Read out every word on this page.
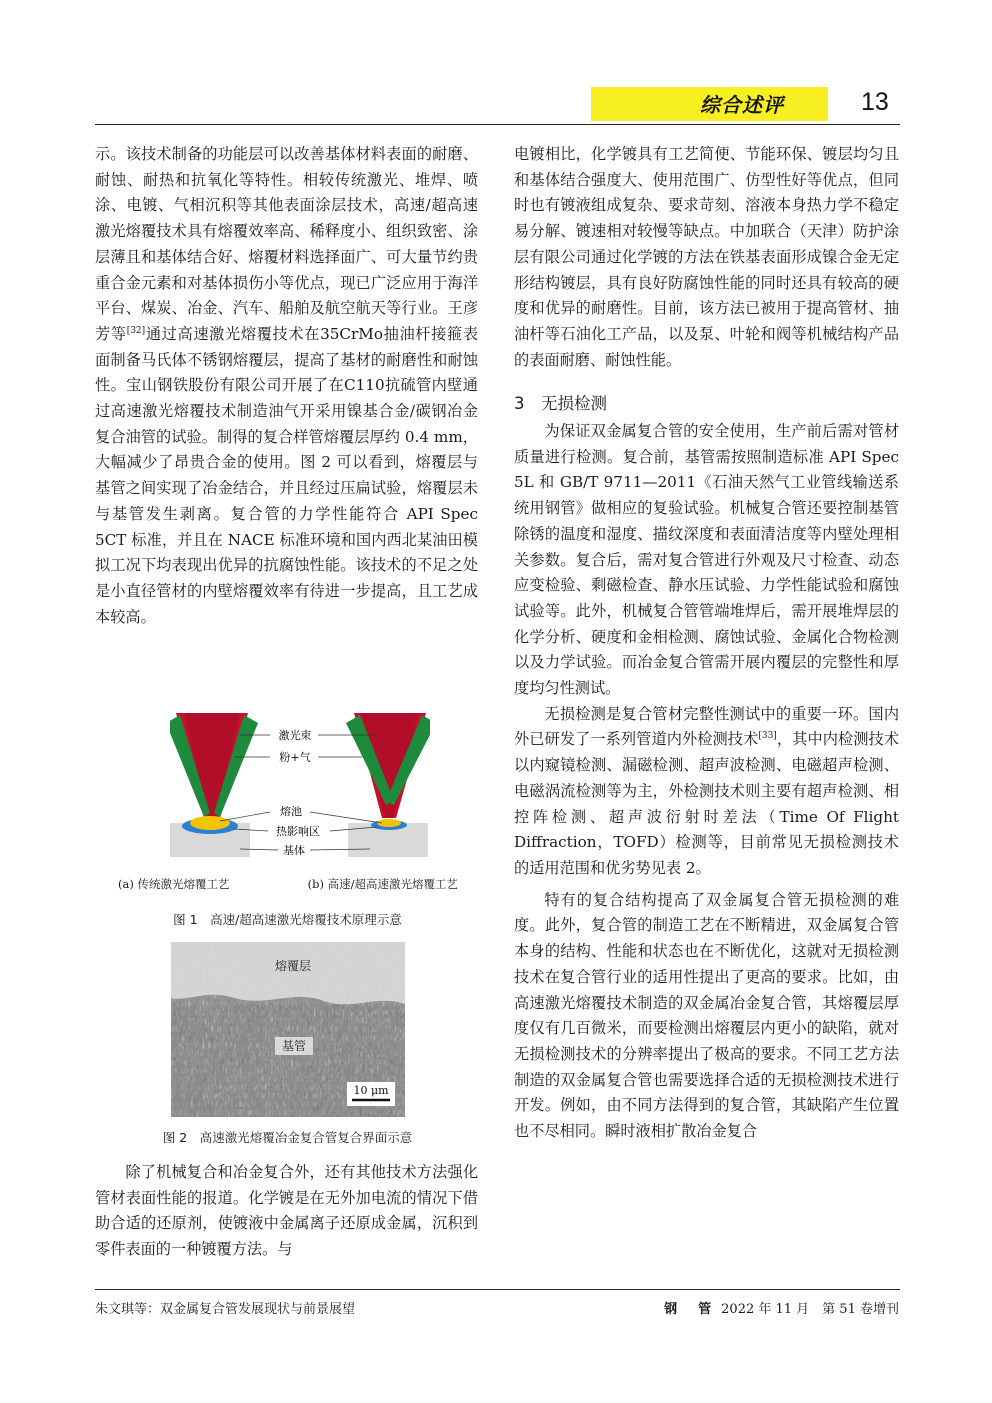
综合述评	13

示。该技术制备的功能层可以改善基体材料表面的耐磨、耐蚀、耐热和抗氧化等特性。相较传统激光、堆焊、喷涂、电镀、气相沉积等其他表面涂层技术，高速/超高速激光熔覆技术具有熔覆效率高、稀释度小、组织致密、涂层薄且和基体结合好、熔覆材料选择面广、可大量节约贵重合金元素和对基体损伤小等优点，现已广泛应用于海洋平台、煤炭、冶金、汽车、船舶及航空航天等行业。王彦芳等[32]通过高速激光熔覆技术在35CrMo抽油杆接箍表面制备马氏体不锈钢熔覆层，提高了基材的耐磨性和耐蚀性。宝山钢铁股份有限公司开展了在C110抗硫管内壁通过高速激光熔覆技术制造油气开采用镍基合金/碳钢冶金复合油管的试验。制得的复合样管熔覆层厚约 0.4 mm，大幅减少了昂贵合金的使用。图 2 可以看到，熔覆层与基管之间实现了冶金结合，并且经过压扁试验，熔覆层未与基管发生剥离。复合管的力学性能符合 API Spec 5CT 标准，并且在 NACE 标准环境和国内西北某油田模拟工况下均表现出优异的抗腐蚀性能。该技术的不足之处是小直径管材的内壁熔覆效率有待进一步提高，且工艺成本较高。

激光束
粉+气
熔池
热影响区
基体
(a) 传统激光熔覆工艺	(b) 高速/超高速激光熔覆工艺
图 1　高速/超高速激光熔覆技术原理示意
熔覆层
基管
10 μm
图 2　高速激光熔覆冶金复合管复合界面示意

除了机械复合和冶金复合外，还有其他技术方法强化管材表面性能的报道。化学镀是在无外加电流的情况下借助合适的还原剂，使镀液中金属离子还原成金属，沉积到零件表面的一种镀覆方法。与

电镀相比，化学镀具有工艺简便、节能环保、镀层均匀且和基体结合强度大、使用范围广、仿型性好等优点，但同时也有镀液组成复杂、要求苛刻、溶液本身热力学不稳定易分解、镀速相对较慢等缺点。中加联合（天津）防护涂层有限公司通过化学镀的方法在铁基表面形成镍合金无定形结构镀层，具有良好防腐蚀性能的同时还具有较高的硬度和优异的耐磨性。目前，该方法已被用于提高管材、抽油杆等石油化工产品，以及泵、叶轮和阀等机械结构产品的表面耐磨、耐蚀性能。

3　无损检测

为保证双金属复合管的安全使用，生产前后需对管材质量进行检测。复合前，基管需按照制造标准 API Spec 5L 和 GB/T 9711—2011《石油天然气工业管线输送系统用钢管》做相应的复验试验。机械复合管还要控制基管除锈的温度和湿度、描纹深度和表面清洁度等内壁处理相关参数。复合后，需对复合管进行外观及尺寸检查、动态应变检验、剩磁检查、静水压试验、力学性能试验和腐蚀试验等。此外，机械复合管管端堆焊后，需开展堆焊层的化学分析、硬度和金相检测、腐蚀试验、金属化合物检测以及力学试验。而冶金复合管需开展内覆层的完整性和厚度均匀性测试。

无损检测是复合管材完整性测试中的重要一环。国内外已研发了一系列管道内外检测技术[33]，其中内检测技术以内窥镜检测、漏磁检测、超声波检测、电磁超声检测、电磁涡流检测等为主，外检测技术则主要有超声检测、相控阵检测、超声波衍射时差法（Time Of Flight Diffraction，TOFD）检测等，目前常见无损检测技术的适用范围和优劣势见表 2。

特有的复合结构提高了双金属复合管无损检测的难度。此外，复合管的制造工艺在不断精进，双金属复合管本身的结构、性能和状态也在不断优化，这就对无损检测技术在复合管行业的适用性提出了更高的要求。比如，由高速激光熔覆技术制造的双金属冶金复合管，其熔覆层厚度仅有几百微米，而要检测出熔覆层内更小的缺陷，就对无损检测技术的分辨率提出了极高的要求。不同工艺方法制造的双金属复合管也需要选择合适的无损检测技术进行开发。例如，由不同方法得到的复合管，其缺陷产生位置也不尽相同。瞬时液相扩散冶金复合

朱文琪等：双金属复合管发展现状与前景展望	钢　管 2022 年 11 月　第 51 卷增刊
